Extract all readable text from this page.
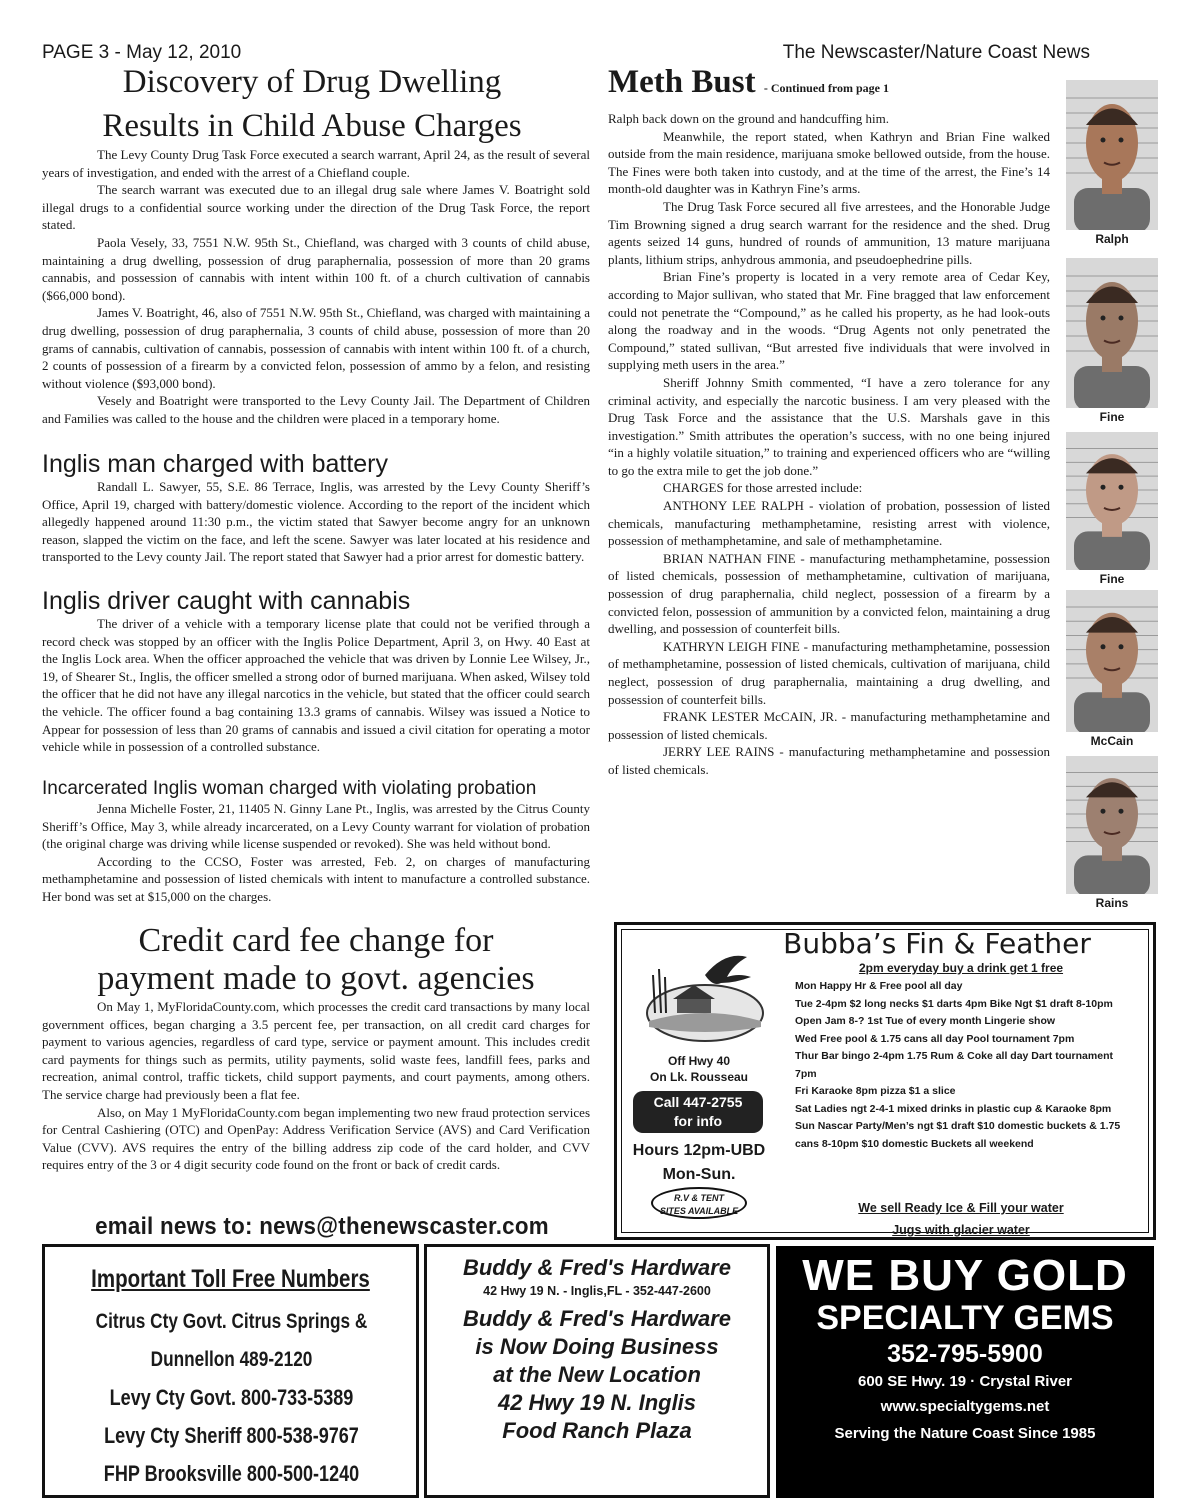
PAGE 3 - May 12, 2010	The Newscaster/Nature Coast News
Discovery of Drug Dwelling
Results in Child Abuse Charges

The Levy County Drug Task Force executed a search warrant, April 24, as the result of several years of investigation, and ended with the arrest of a Chiefland couple.

The search warrant was executed due to an illegal drug sale where James V. Boatright sold illegal drugs to a confidential source working under the direction of the Drug Task Force, the report stated.

Paola Vesely, 33, 7551 N.W. 95th St., Chiefland, was charged with 3 counts of child abuse, maintaining a drug dwelling, possession of drug paraphernalia, possession of more than 20 grams cannabis, and possession of cannabis with intent within 100 ft. of a church cultivation of cannabis ($66,000 bond).

James V. Boatright, 46, also of 7551 N.W. 95th St., Chiefland, was charged with maintaining a drug dwelling, possession of drug paraphernalia, 3 counts of child abuse, possession of more than 20 grams of cannabis, cultivation of cannabis, possession of cannabis with intent within 100 ft. of a church, 2 counts of possession of a firearm by a convicted felon, possession of ammo by a felon, and resisting without violence ($93,000 bond).

Vesely and Boatright were transported to the Levy County Jail. The Department of Children and Families was called to the house and the children were placed in a temporary home.

Inglis man charged with battery

Randall L. Sawyer, 55, S.E. 86 Terrace, Inglis, was arrested by the Levy County Sheriff’s Office, April 19, charged with battery/domestic violence. According to the report of the incident which allegedly happened around 11:30 p.m., the victim stated that Sawyer become angry for an unknown reason, slapped the victim on the face, and left the scene. Sawyer was later located at his residence and transported to the Levy county Jail. The report stated that Sawyer had a prior arrest for domestic battery.

Inglis driver caught with cannabis

The driver of a vehicle with a temporary license plate that could not be verified through a record check was stopped by an officer with the Inglis Police Department, April 3, on Hwy. 40 East at the Inglis Lock area. When the officer approached the vehicle that was driven by Lonnie Lee Wilsey, Jr., 19, of Shearer St., Inglis, the officer smelled a strong odor of burned marijuana. When asked, Wilsey told the officer that he did not have any illegal narcotics in the vehicle, but stated that the officer could search the vehicle. The officer found a bag containing 13.3 grams of cannabis. Wilsey was issued a Notice to Appear for possession of less than 20 grams of cannabis and issued a civil citation for operating a motor vehicle while in possession of a controlled substance.

Incarcerated Inglis woman charged with violating probation

Jenna Michelle Foster, 21, 11405 N. Ginny Lane Pt., Inglis, was arrested by the Citrus County Sheriff’s Office, May 3, while already incarcerated, on a Levy County warrant for violation of probation (the original charge was driving while license suspended or revoked). She was held without bond.

According to the CCSO, Foster was arrested, Feb. 2, on charges of manufacturing methamphetamine and possession of listed chemicals with intent to manufacture a controlled substance. Her bond was set at $15,000 on the charges.

Credit card fee change for
payment made to govt. agencies

On May 1, MyFloridaCounty.com, which processes the credit card transactions by many local government offices, began charging a 3.5 percent fee, per transaction, on all credit card charges for payment to various agencies, regardless of card type, service or payment amount. This includes credit card payments for things such as permits, utility payments, solid waste fees, landfill fees, parks and recreation, animal control, traffic tickets, child support payments, and court payments, among others. The service charge had previously been a flat fee.

Also, on May 1 MyFloridaCounty.com began implementing two new fraud protection services for Central Cashiering (OTC) and OpenPay: Address Verification Service (AVS) and Card Verification Value (CVV). AVS requires the entry of the billing address zip code of the card holder, and CVV requires entry of the 3 or 4 digit security code found on the front or back of credit cards.

Meth Bust - Continued from page 1

Ralph back down on the ground and handcuffing him.

Meanwhile, the report stated, when Kathryn and Brian Fine walked outside from the main residence, marijuana smoke bellowed outside, from the house. The Fines were both taken into custody, and at the time of the arrest, the Fine’s 14 month-old daughter was in Kathryn Fine’s arms.

The Drug Task Force secured all five arrestees, and the Honorable Judge Tim Browning signed a drug search warrant for the residence and the shed. Drug agents seized 14 guns, hundred of rounds of ammunition, 13 mature marijuana plants, lithium strips, anhydrous ammonia, and pseudoephedrine pills.

Brian Fine’s property is located in a very remote area of Cedar Key, according to Major sullivan, who stated that Mr. Fine bragged that law enforcement could not penetrate the “Compound,” as he called his property, as he had look-outs along the roadway and in the woods. “Drug Agents not only penetrated the Compound,” stated sullivan, “But arrested five individuals that were involved in supplying meth users in the area.”

Sheriff Johnny Smith commented, “I have a zero tolerance for any criminal activity, and especially the narcotic business. I am very pleased with the Drug Task Force and the assistance that the U.S. Marshals gave in this investigation.” Smith attributes the operation’s success, with no one being injured “in a highly volatile situation,” to training and experienced officers who are “willing to go the extra mile to get the job done.”

CHARGES for those arrested include:

ANTHONY LEE RALPH - violation of probation, possession of listed chemicals, manufacturing methamphetamine, resisting arrest with violence, possession of methamphetamine, and sale of methamphetamine.

BRIAN NATHAN FINE - manufacturing methamphetamine, possession of listed chemicals, possession of methamphetamine, cultivation of marijuana, possession of drug paraphernalia, child neglect, possession of a firearm by a convicted felon, possession of ammunition by a convicted felon, maintaining a drug dwelling, and possession of counterfeit bills.

KATHRYN LEIGH FINE - manufacturing methamphetamine, possession of methamphetamine, possession of listed chemicals, cultivation of marijuana, child neglect, possession of drug paraphernalia, maintaining a drug dwelling, and possession of counterfeit bills.

FRANK LESTER McCAIN, JR. - manufacturing methamphetamine and possession of listed chemicals.

JERRY LEE RAINS - manufacturing methamphetamine and possession of listed chemicals.

Ralph
Fine
Fine
McCain
Rains
Off Hwy 40
On Lk. Rousseau
Call 447-2755
for info
Hours 12pm-UBD
Mon-Sun.
R.V & TENT
SITES AVAILABLE
Bubba’s Fin & Feather
2pm everyday buy a drink get 1 free
Mon Happy Hr & Free pool all day
Tue 2-4pm $2 long necks $1 darts 4pm Bike Ngt $1 draft 8-10pm Open Jam 8-? 1st Tue of every month Lingerie show
Wed Free pool & 1.75 cans all day Pool tournament 7pm
Thur Bar bingo 2-4pm 1.75 Rum & Coke all day Dart tournament 7pm
Fri Karaoke 8pm pizza $1 a slice
Sat Ladies ngt 2-4-1 mixed drinks in plastic cup & Karaoke 8pm
Sun Nascar Party/Men’s ngt $1 draft $10 domestic buckets & 1.75 cans 8-10pm $10 domestic Buckets all weekend
We sell Ready Ice & Fill your water
Jugs with glacier water
email news to: news@thenewscaster.com
Important Toll Free Numbers
Citrus Cty Govt. Citrus Springs & Dunnellon 489-2120
Levy Cty Govt. 800-733-5389
Levy Cty Sheriff 800-538-9767
FHP Brooksville 800-500-1240
Buddy & Fred's Hardware
42 Hwy 19 N. - Inglis,FL - 352-447-2600
Buddy & Fred's Hardware
is Now Doing Business
at the New Location
42 Hwy 19 N. Inglis
Food Ranch Plaza
WE BUY GOLD
SPECIALTY GEMS
352-795-5900
600 SE Hwy. 19 · Crystal River
www.specialtygems.net
Serving the Nature Coast Since 1985
